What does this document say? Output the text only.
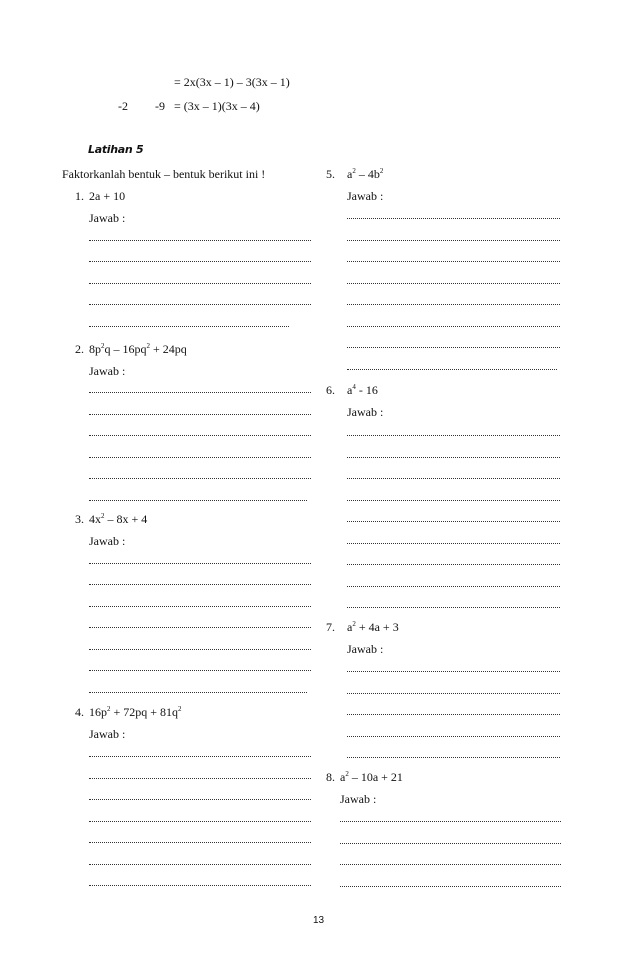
= 2x(3x – 1) – 3(3x – 1)
-2 -9 = (3x – 1)(3x – 4)
Latihan 5
Faktorkanlah bentuk – bentuk berikut ini !
1. 2a + 10
Jawab :
2. $8p^2q - 16pq^2 + 24pq$
Jawab :
3. $4x^2 - 8x + 4$
Jawab :
4. $16p^2 + 72pq + 81q^2$
Jawab :
5. $a^2 - 4b^2$
Jawab :
6. $a^4 - 16$
Jawab :
7. $a^2 + 4a + 3$
Jawab :
8. $a^2 - 10a + 21$
Jawab :
13
